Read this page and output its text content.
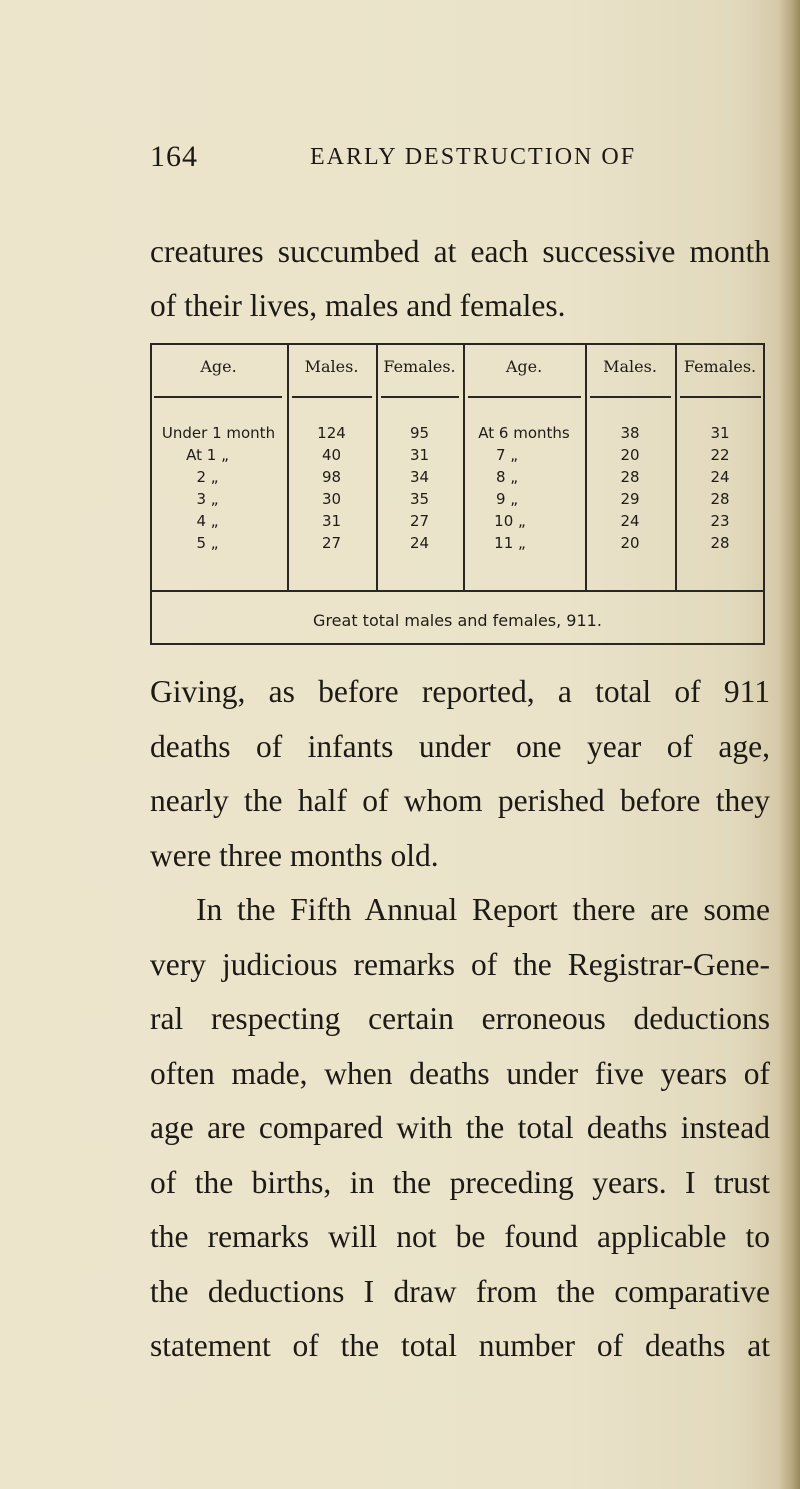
164	EARLY DESTRUCTION OF

creatures succumbed at each successive month
of their lives, males and females.

Age.	Males.	Females.	Age.	Males.	Females.
Under 1 month	124	95	At 6 months	38	31
At 1 „	40	31	7 „	20	22
2 „	98	34	8 „	28	24
3 „	30	35	9 „	29	28
4 „	31	27	10 „	24	23
5 „	27	24	11 „	20	28
Great total males and females, 911.

Giving, as before reported, a total of 911
deaths of infants under one year of age,
nearly the half of whom perished before they
were three months old.

In the Fifth Annual Report there are some
very judicious remarks of the Registrar-Gene-
ral respecting certain erroneous deductions
often made, when deaths under five years of
age are compared with the total deaths instead
of the births, in the preceding years. I trust
the remarks will not be found applicable to
the deductions I draw from the comparative
statement of the total number of deaths at
